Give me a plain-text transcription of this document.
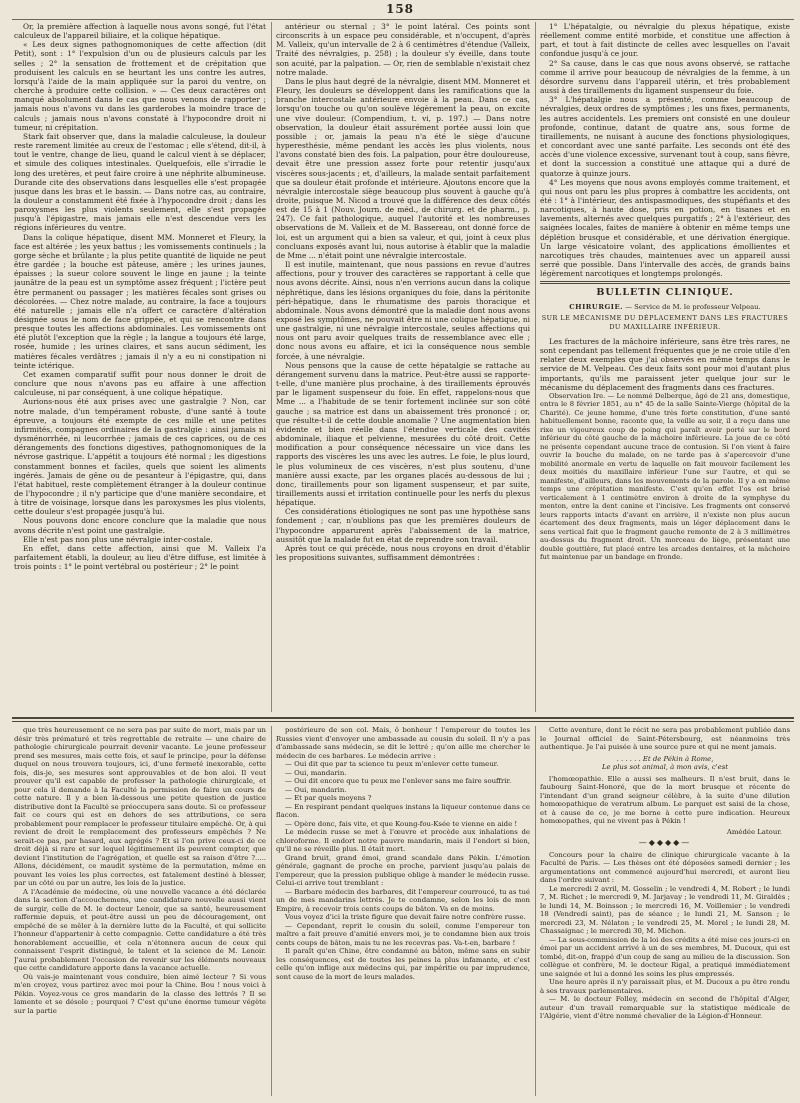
158

Or, la première affection à laquelle nous avons songé, fut l'état calculeux de l'appareil biliaire, et la colique hépatique.

« Les deux signes pathognomoniques de cette affection (dit Petit), sont : 1° l'expulsion d'un ou de plusieurs calculs par les selles ; 2° la sensation de frottement et de crépitation que produisent les calculs en se heurtant les uns contre les autres, lorsqu'à l'aide de la main appliquée sur la paroi du ventre, on cherche à produire cette collision. » — Ces deux caractères ont manqué absolument dans le cas que nous venons de rapporter ; jamais nous n'avons vu dans les garderobes la moindre trace de calculs ; jamais nous n'avons constaté à l'hypocondre droit ni tumeur, ni crépitation.

Stark fait observer que, dans la maladie calculeuse, la douleur reste rarement limitée au creux de l'estomac ; elle s'étend, dit-il, à tout le ventre, change de lieu, quand le calcul vient à se déplacer, et simule des coliques intestinales. Quelquefois, elle s'irradie le long des uretères, et peut faire croire à une néphrite albumineuse. Durande cite des observations dans lesquelles elle s'est propagée jusque dans les bras et le bassin. — Dans notre cas, au contraire, la douleur a constamment été fixée à l'hypocondre droit ; dans les paroxysmes les plus violents seulement, elle s'est propagée jusqu'à l'épigastre, mais jamais elle n'est descendue vers les régions inférieures du ventre.

Dans la colique hépatique, disent MM. Monneret et Fleury, la face est altérée ; les yeux battus ; les vomissements continuels ; la gorge sèche et brûlante ; la plus petite quantité de liquide ne peut être gardée ; la bouche est pâteuse, amère ; les urines jaunes, épaisses ; la sueur colore souvent le linge en jaune ; la teinte jaunâtre de la peau est un symptôme assez fréquent ; l'ictère peut être permanent ou passager ; les matières fécales sont grises ou décolorées. — Chez notre malade, au contraire, la face a toujours été naturelle ; jamais elle n'a offert ce caractère d'altération désignée sous le nom de face grippée, et qui se rencontre dans presque toutes les affections abdominales. Les vomissements ont été plutôt l'exception que la règle ; la langue a toujours été large, rosée, humide ; les urines claires, et sans aucun sédiment, les matières fécales verdâtres ; jamais il n'y a eu ni constipation ni teinte ictérique.

Cet examen comparatif suffit pour nous donner le droit de conclure que nous n'avons pas eu affaire à une affection calculeuse, ni par conséquent, à une colique hépatique.

Aurions-nous été aux prises avec une gastralgie ? Non, car notre malade, d'un tempérament robuste, d'une santé à toute épreuve, a toujours été exempte de ces mille et une petites infirmités, compagnes ordinaires de la gastralgie : ainsi jamais ni dysménorrhée, ni leucorrhée ; jamais de ces caprices, ou de ces dérangements des fonctions digestives, pathognomoniques de la névrose gastrique. L'appétit a toujours été normal ; les digestions constamment bonnes et faciles, quels que soient les aliments ingérés. Jamais de gêne ou de pesanteur à l'épigastre, qui, dans l'état habituel, reste complètement étranger à la douleur continue de l'hypocondre ; il n'y participe que d'une manière secondaire, et à titre de voisinage, lorsque dans les paroxysmes les plus violents, cette douleur s'est propagée jusqu'à lui.

Nous pouvons donc encore conclure que la maladie que nous avons décrite n'est point une gastralgie.

Elle n'est pas non plus une névralgie inter-costale.

En effet, dans cette affection, ainsi que M. Valleix l'a parfaitement établi, la douleur, au lieu d'être diffuse, est limitée à trois points : 1° le point vertébral ou postérieur ; 2° le point

antérieur ou sternal ; 3° le point latéral. Ces points sont circonscrits à un espace peu considérable, et n'occupent, d'après M. Valleix, qu'un intervalle de 2 à 6 centimètres d'étendue (Valleix, Traité des névralgies, p. 258) ; la douleur s'y éveille, dans toute son acuité, par la palpation. — Or, rien de semblable n'existait chez notre malade.

Dans le plus haut degré de la névralgie, disent MM. Monneret et Fleury, les douleurs se développent dans les ramifications que la branche intercostale antérieure envoie à la peau. Dans ce cas, lorsqu'on touche ou qu'on soulève légèrement la peau, on excite une vive douleur. (Compendium, t. vi, p. 197.) — Dans notre observation, la douleur était assurément portée aussi loin que possible ; or, jamais la peau n'a été le siège d'aucune hyperesthésie, même pendant les accès les plus violents, nous l'avons constaté bien des fois. La palpation, pour être douloureuse, devait être une pression assez forte pour retentir jusqu'aux viscères sous-jacents ; et, d'ailleurs, la malade sentait parfaitement que sa douleur était profonde et intérieure. Ajoutons encore que la névralgie intercostale siège beaucoup plus souvent à gauche qu'à droite, puisque M. Nicod a trouvé que la différence des deux côtés est de 15 à 1 (Nouv. Journ. de méd., de chirurg. et de pharm., p. 247). Ce fait pathologique, auquel l'autorité et les nombreuses observations de M. Valleix et de M. Bassereau, ont donné force de loi, est un argument qui a bien sa valeur, et qui, joint à ceux plus concluans exposés avant lui, nous autorise à établir que la maladie de Mme ... n'était point une névralgie intercostale.

Il est inutile, maintenant, que nous passions en revue d'autres affections, pour y trouver des caractères se rapportant à celle que nous avons décrite. Ainsi, nous n'en verrions aucun dans la colique néphrétique, dans les lésions organiques du foie, dans la péritonite péri-hépatique, dans le rhumatisme des parois thoracique et abdominale. Nous avons démontré que la maladie dont nous avons exposé les symptômes, ne pouvait être ni une colique hépatique, ni une gastralgie, ni une névralgie intercostale, seules affections qui nous ont paru avoir quelques traits de ressemblance avec elle ; donc nous avons eu affaire, et ici la conséquence nous semble forcée, à une névralgie.

Nous pensons que la cause de cette hépatalgie se rattache au dérangement survenu dans la matrice. Peut-être aussi se rapporte-t-elle, d'une manière plus prochaine, à des tiraillements éprouvés par le ligament suspenseur du foie. En effet, rappelons-nous que Mme ... a l'habitude de se tenir fortement inclinée sur son côté gauche ; sa matrice est dans un abaissement très prononcé ; or, que résulte-t-il de cette double anomalie ? Une augmentation bien évidente et bien réelle dans l'étendue verticale des cavités abdominale, iliaque et pelvienne, mesurées du côté droit. Cette modification a pour conséquence nécessaire un vice dans les rapports des viscères les uns avec les autres. Le foie, le plus lourd, le plus volumineux de ces viscères, n'est plus soutenu, d'une manière aussi exacte, par les organes placés au-dessous de lui ; donc, tiraillements pour son ligament suspenseur, et par suite, tiraillements aussi et irritation continuelle pour les nerfs du plexus hépatique.

Ces considérations étiologiques ne sont pas une hypothèse sans fondement ; car, n'oublions pas que les premières douleurs de l'hypocondre apparurent après l'abaissement de la matrice, aussitôt que la malade fut en état de reprendre son travail.

Après tout ce qui précède, nous nous croyons en droit d'établir les propositions suivantes, suffisamment démontrées :

1° L'hépatalgie, ou névralgie du plexus hépatique, existe réellement comme entité morbide, et constitue une affection à part, et tout à fait distincte de celles avec lesquelles on l'avait confondue jusqu'à ce jour.

2° Sa cause, dans le cas que nous avons observé, se rattache comme il arrive pour beaucoup de névralgies de la femme, à un désordre survenu dans l'appareil utérin, et très probablement aussi à des tiraillements du ligament suspenseur du foie.

3° L'hépatalgie nous a présenté, comme beaucoup de névralgies, deux ordres de symptômes ; les uns fixes, permanents, les autres accidentels. Les premiers ont consisté en une douleur profonde, continue, datant de quatre ans, sous forme de tiraillements, ne nuisant à aucune des fonctions physiologiques, et concordant avec une santé parfaite. Les seconds ont été des accès d'une violence excessive, survenant tout à coup, sans fièvre, et dont la succession a constitué une attaque qui a duré de quatorze à quinze jours.

4° Les moyens que nous avons employés comme traitement, et qui nous ont paru les plus propres à combattre les accidents, ont été : 1° à l'intérieur, des antispasmodiques, des stupéfiants et des narcotiques, à haute dose, pris en potion, en tisanes et en lavements, alternés avec quelques purgatifs ; 2° à l'extérieur, des saignées locales, faites de manière à obtenir en même temps une déplétion brusque et considérable, et une dérivation énergique. Un large vésicatoire volant, des applications émollientes et narcotiques très chaudes, maintenues avec un appareil aussi serré que possible. Dans l'intervalle des accès, de grands bains légèrement narcotiques et longtemps prolongés.

BULLETIN CLINIQUE.
CHIRURGIE. — Service de M. le professeur Velpeau.
SUR LE MÉCANISME DU DÉPLACEMENT DANS LES FRACTURES DU MAXILLAIRE INFÉRIEUR.

Les fractures de la mâchoire inférieure, sans être très rares, ne sont cependant pas tellement fréquentes que je ne croie utile d'en relater deux exemples que j'ai observés en même temps dans le service de M. Velpeau. Ces deux faits sont pour moi d'autant plus importants, qu'ils me paraissent jeter quelque jour sur le mécanisme du déplacement des fragments dans ces fractures.

Observation Ire. — Le nommé Delberque, âgé de 21 ans, domestique, entra le 8 février 1851, au n° 45 de la salle Sainte-Vierge (hôpital de la Charité). Ce jeune homme, d'une très forte constitution, d'une santé habituellement bonne, raconte que, la veille au soir, il a reçu dans une rixe un vigoureux coup de poing qui paraît avoir porté sur le bord inférieur du côté gauche de la mâchoire inférieure. La joue de ce côté ne présente cependant aucune trace de contusion. Si l'on vient à faire ouvrir la bouche du malade, on ne tarde pas à s'apercevoir d'une mobilité anormale en vertu de laquelle on fait mouvoir facilement les deux moitiés du maxillaire inférieur l'une sur l'autre, et qui se manifeste, d'ailleurs, dans les mouvements de la parole. Il y a en même temps une crépitation manifeste. C'est qu'en effet l'os est brisé verticalement à 1 centimètre environ à droite de la symphyse du menton, entre la dent canine et l'incisive. Les fragments ont conservé leurs rapports intacts d'avant en arrière, il n'existe non plus aucun écartement des deux fragments, mais un léger déplacement dans le sens vertical fait que le fragment gauche remonte de 2 à 3 millimètres au-dessus du fragment droit. Un morceau de liège, présentant une double gouttière, fut placé entre les arcades dentaires, et la mâchoire fut maintenue par un bandage en fronde.

que très heureusement ce ne sera pas par suite de mort, mais par un désir très prématuré et très regrettable de retraite — une chaire de pathologie chirurgicale pourrait devenir vacante. Le jeune professeur prend ses mesures, mais cette fois, et sauf le principe, pour la défense duquel on nous trouvera toujours, ici, d'une fermeté inexorable, cette fois, dis-je, ses mesures sont approuvables et de bon aloi. Il veut prouver qu'il est capable de professer la pathologie chirurgicale, et pour cela il demande à la Faculté la permission de faire un cours de cette nature. Il y a bien là-dessous une petite question de justice distributive dont la Faculté se préoccupera sans doute. Si ce professeur fait ce cours qui est en dehors de ses attributions, ce sera probablement pour remplacer le professeur titulaire empêché. Or, à qui revient de droit le remplacement des professeurs empêchés ? Ne serait-ce pas, par hasard, aux agrégés ? Et si l'on prive ceux-ci de ce droit déjà si rare et sur lequel légitimement ils peuvent compter, que devient l'institution de l'agrégation, et quelle est sa raison d'être ?..... Allons, décidément, ce maudit système de la permutation, même en pouvant les voies les plus correctes, est fatalement destiné à blesser, par un côté ou par un autre, les lois de la justice.

A l'Académie de médecine, où une nouvelle vacance a été déclarée dans la section d'accouchemens, une candidature nouvelle aussi vient de surgir, celle de M. le docteur Lenoir, que sa santé, heureusement raffermie depuis, et peut-être aussi un peu de découragement, ont empêché de se mêler à la dernière lutte de la Faculté, et qui sollicite l'honneur d'appartenir à cette compagnie. Cette candidature a été très honorablement accueillie, et cela n'étonnera aucun de ceux qui connaissent l'esprit distingué, le talent et la science de M. Lenoir. J'aurai probablement l'occasion de revenir sur les éléments nouveaux que cette candidature apporte dans la vacance actuelle.

Où vais-je maintenant vous conduire, bien aimé lecteur ? Si vous m'en croyez, vous partirez avec moi pour la Chine. Bou ! nous voici à Pékin. Voyez-vous ce gros mandarin de la classe des lettrés ? Il se lamente et se désole ; pourquoi ? C'est qu'une énorme tumeur végète sur la partie

postérieure de son col. Mais, ô bonheur ! l'empereur de toutes les Russies vient d'envoyer une ambassade au cousin du soleil. Il n'y a pas d'ambassade sans médecin, se dit le lettré ; qu'on aille me chercher le médecin de ces barbares. Le médecin arrive :

— Oui dit que par ta science tu peux m'enlever cette tumeur.

— Oui, mandarin.

— Oui dit encore que tu peux me l'enlever sans me faire souffrir.

— Oui, mandarin.

— Et par quels moyens ?

— En respirant pendant quelques instans la liqueur contenue dans ce flacon.

— Opère donc, fais vite, et que Koung-fou-Ksée te vienne en aide !

Le médecin russe se met à l'œuvre et procède aux inhalations de chloroforme. Il endort notre pauvre mandarin, mais il l'endort si bien, qu'il ne se réveille plus. Il était mort.

Grand bruit, grand émoi, grand scandale dans Pékin. L'émotion générale, gagnant de proche en proche, parvient jusqu'au palais de l'empereur, que la pression publique oblige à mander le médecin russe. Celui-ci arrive tout tremblant :

— Barbare médecin des barbares, dit l'empereur courroucé, tu as tué un de mes mandarins lettrés. Je te condamne, selon les lois de mon Empire, à recevoir trois cents coups de bâton. Va en de moins.

Vous voyez d'ici la triste figure que devait faire notre confrère russe.

— Cependant, reprit le cousin du soleil, comme l'empereur ton maître a fait preuve d'amitié envers moi, je te condamne bien aux trois cents coups de bâton, mais tu ne les recevras pas. Va-t-en, barbare !

Il paraît qu'en Chine, être condamné au bâton, même sans en subir les conséquences, est de toutes les peines la plus infamante, et c'est celle qu'on inflige aux médecins qui, par impéritie ou par imprudence, sont cause de la mort de leurs malades.

Cette aventure, dont le récit ne sera pas probablement publiée dans le Journal officiel de Saint-Pétersbourg, est néanmoins très authentique. Je l'ai puisée à une source pure et qui ne ment jamais.

. . . . . . Et de Pékin à Rome,
Le plus sot animal, à mon avis, c'est

l'homœopathie. Elle a aussi ses malheurs. Il n'est bruit, dans le faubourg Saint-Honoré, que de la mort brusque et récente de l'intendant d'un grand seigneur célèbre, à la suite d'une dilution homœopathique de veratrum album. Le parquet est saisi de la chose, et à cause de ce, je me borne à cette pure indication. Heureux homœopathes, qui ne vivent pas à Pékin !

Amédée Latour.
—◆◆◆◆—

Concours pour la chaire de clinique chirurgicale vacante à la Faculté de Paris. — Les thèses ont été déposées samedi dernier ; les argumentations ont commencé aujourd'hui mercredi, et auront lieu dans l'ordre suivant :

Le mercredi 2 avril, M. Gosselin ; le vendredi 4, M. Robert ; le lundi 7, M. Richet ; le mercredi 9, M. Jarjavay ; le vendredi 11, M. Giraldès ; le lundi 14, M. Boinsson ; le mercredi 16, M. Voillemier ; le vendredi 18 (Vendredi saint), pas de séance ; le lundi 21, M. Sanson ; le mercredi 23, M. Nélaton ; le vendredi 25, M. Morel ; le lundi 28, M. Chassaignac ; le mercredi 30, M. Michon.

— La sous-commission de la loi des crédits a été mise ces jours-ci en émoi par un accident arrivé à un de ses membres, M. Ducoux, qui est tombé, dit-on, frappé d'un coup de sang au milieu de la discussion. Son collègue et confrère, M. le docteur Rigal, a pratiqué immédiatement une saignée et lui a donné les soins les plus empressés.

Une heure après il n'y paraissait plus, et M. Ducoux a pu être rendu à ses travaux parlementaires.

— M. le docteur Folley, médecin en second de l'hôpital d'Alger, auteur d'un travail remarquable sur la statistique médicale de l'Algérie, vient d'être nommé chevalier de la Légion-d'Honneur.
